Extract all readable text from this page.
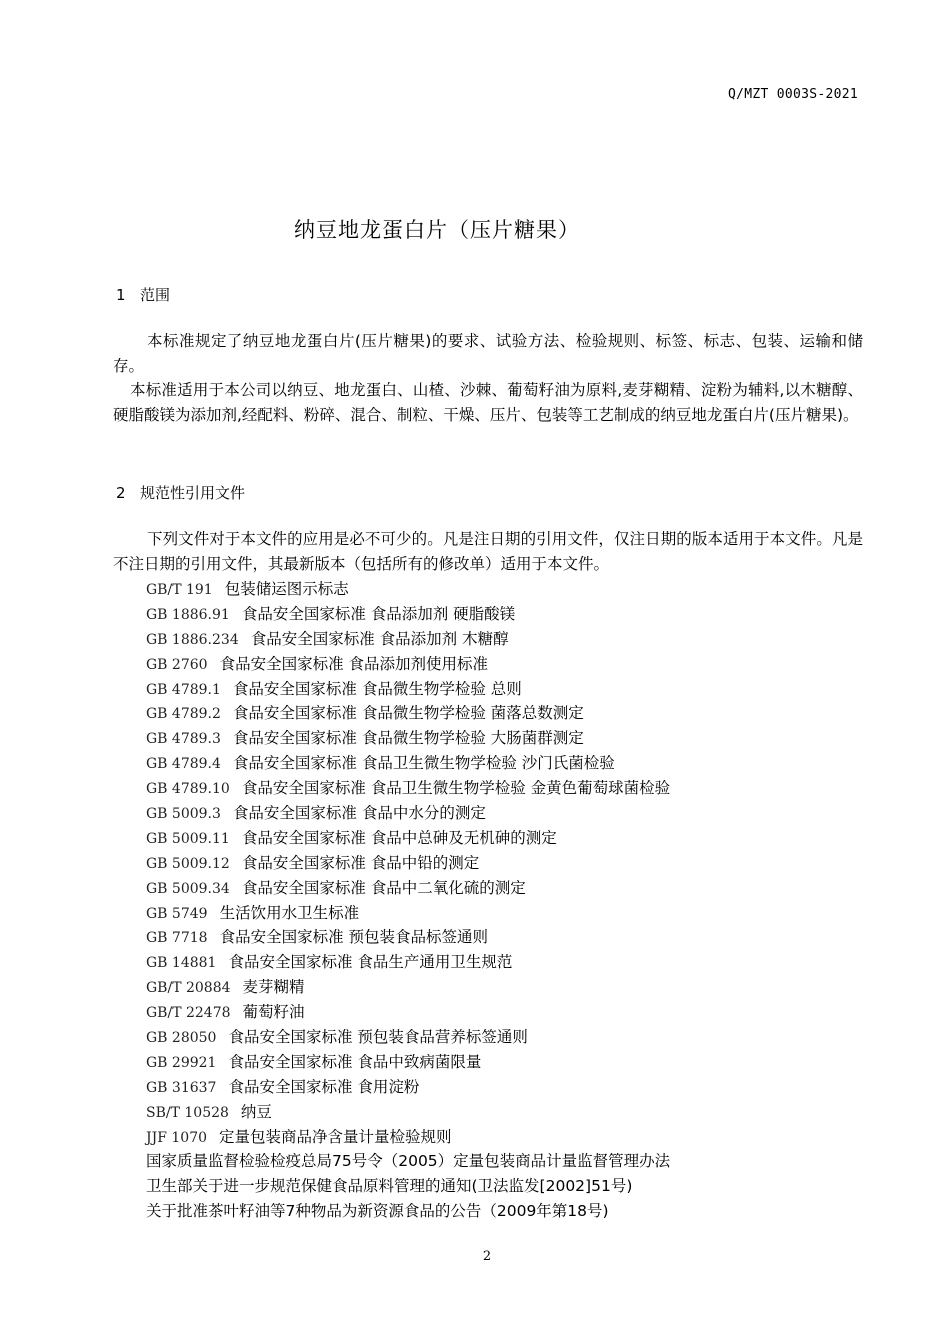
Q/MZT 0003S-2021
纳豆地龙蛋白片（压片糖果）
1 范围

本标准规定了纳豆地龙蛋白片(压片糖果)的要求、试验方法、检验规则、标签、标志、包装、运输和储存。

本标准适用于本公司以纳豆、地龙蛋白、山楂、沙棘、葡萄籽油为原料,麦芽糊精、淀粉为辅料,以木糖醇、硬脂酸镁为添加剂,经配料、粉碎、混合、制粒、干燥、压片、包装等工艺制成的纳豆地龙蛋白片(压片糖果)。

2 规范性引用文件

下列文件对于本文件的应用是必不可少的。凡是注日期的引用文件，仅注日期的版本适用于本文件。凡是不注日期的引用文件，其最新版本（包括所有的修改单）适用于本文件。

GB/T 191 包装储运图示标志
GB 1886.91 食品安全国家标准 食品添加剂 硬脂酸镁
GB 1886.234 食品安全国家标准 食品添加剂 木糖醇
GB 2760 食品安全国家标准 食品添加剂使用标准
GB 4789.1 食品安全国家标准 食品微生物学检验 总则
GB 4789.2 食品安全国家标准 食品微生物学检验 菌落总数测定
GB 4789.3 食品安全国家标准 食品微生物学检验 大肠菌群测定
GB 4789.4 食品安全国家标准 食品卫生微生物学检验 沙门氏菌检验
GB 4789.10 食品安全国家标准 食品卫生微生物学检验 金黄色葡萄球菌检验
GB 5009.3 食品安全国家标准 食品中水分的测定
GB 5009.11 食品安全国家标准 食品中总砷及无机砷的测定
GB 5009.12 食品安全国家标准 食品中铅的测定
GB 5009.34 食品安全国家标准 食品中二氧化硫的测定
GB 5749 生活饮用水卫生标准
GB 7718 食品安全国家标准 预包装食品标签通则
GB 14881 食品安全国家标准 食品生产通用卫生规范
GB/T 20884 麦芽糊精
GB/T 22478 葡萄籽油
GB 28050 食品安全国家标准 预包装食品营养标签通则
GB 29921 食品安全国家标准 食品中致病菌限量
GB 31637 食品安全国家标准 食用淀粉
SB/T 10528 纳豆
JJF 1070 定量包装商品净含量计量检验规则
国家质量监督检验检疫总局75号令（2005）定量包装商品计量监督管理办法
卫生部关于进一步规范保健食品原料管理的通知(卫法监发[2002]51号)
关于批准茶叶籽油等7种物品为新资源食品的公告（2009年第18号)
2
